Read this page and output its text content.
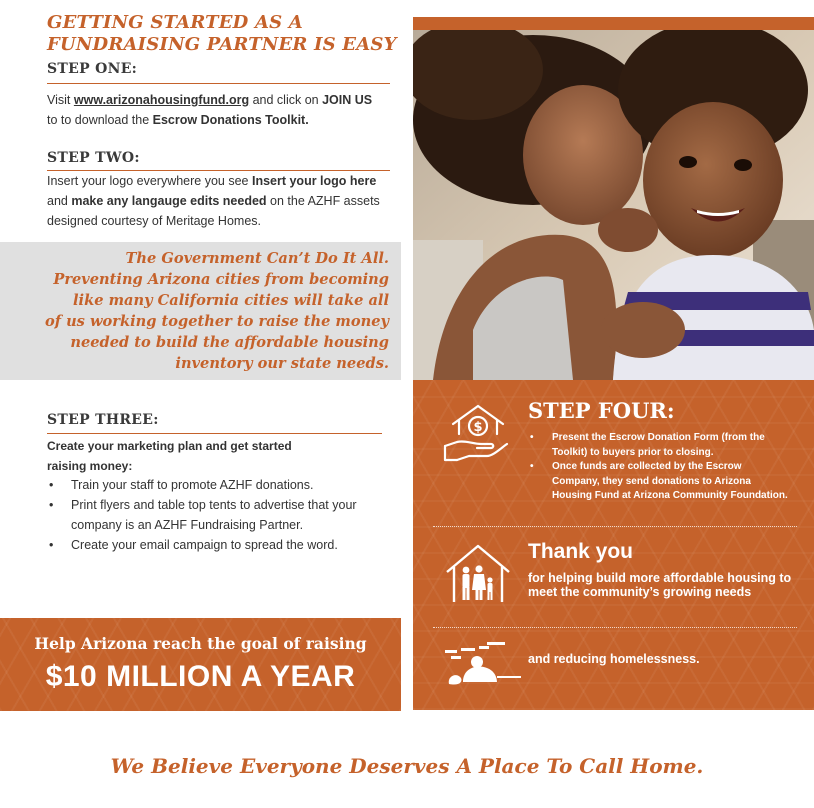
GETTING STARTED AS A
FUNDRAISING PARTNER IS EASY
STEP ONE:
Visit www.arizonahousingfund.org and click on JOIN US
to to download the Escrow Donations Toolkit.
STEP TWO:
Insert your logo everywhere you see Insert your logo here and make any langauge edits needed on the AZHF assets designed courtesy of Meritage Homes.
The Government Can’t Do It All.
Preventing Arizona cities from becoming
like many California cities will take all
of us working together to raise the money
needed to build the affordable housing
inventory our state needs.
STEP THREE:
Create your marketing plan and get started
raising money:
• Train your staff to promote AZHF donations.
• Print flyers and table top tents to advertise that your company is an AZHF Fundraising Partner.
• Create your email campaign to spread the word.
Help Arizona reach the goal of raising
$10 MILLION A YEAR
$
STEP FOUR:
• Present the Escrow Donation Form (from the Toolkit) to buyers prior to closing.
• Once funds are collected by the Escrow Company, they send donations to Arizona Housing Fund at Arizona Community Foundation.
Thank you
for helping build more affordable housing to meet the community’s growing needs
and reducing homelessness.
We Believe Everyone Deserves A Place To Call Home.
